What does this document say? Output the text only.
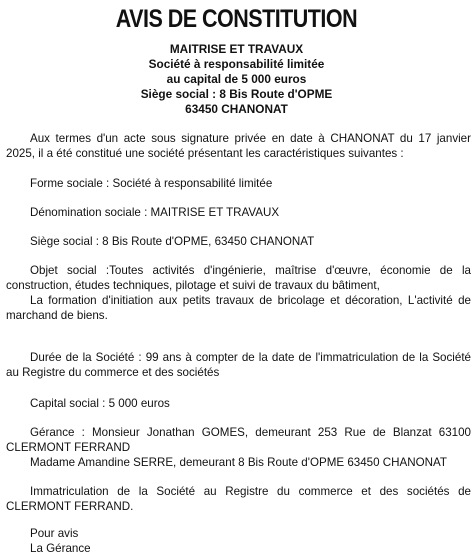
AVIS DE CONSTITUTION
MAITRISE ET TRAVAUX
Société à responsabilité limitée
au capital de 5 000 euros
Siège social : 8 Bis Route d'OPME
63450 CHANONAT

Aux termes d'un acte sous signature privée en date à CHANONAT du 17 janvier 2025, il a été constitué une société présentant les caractéristiques suivantes :

Forme sociale : Société à responsabilité limitée

Dénomination sociale : MAITRISE ET TRAVAUX

Siège social : 8 Bis Route d'OPME, 63450 CHANONAT

Objet social :Toutes activités d'ingénierie, maîtrise d'œuvre, économie de la construction, études techniques, pilotage et suivi de travaux du bâtiment,

La formation d'initiation aux petits travaux de bricolage et décoration, L'activité de marchand de biens.

Durée de la Société : 99 ans à compter de la date de l'immatriculation de la Société au Registre du commerce et des sociétés

Capital social : 5 000 euros

Gérance : Monsieur Jonathan GOMES, demeurant 253 Rue de Blanzat 63100 CLERMONT FERRAND

Madame Amandine SERRE, demeurant 8 Bis Route d'OPME 63450 CHANONAT

Immatriculation de la Société au Registre du commerce et des sociétés de CLERMONT FERRAND.

Pour avis

La Gérance
